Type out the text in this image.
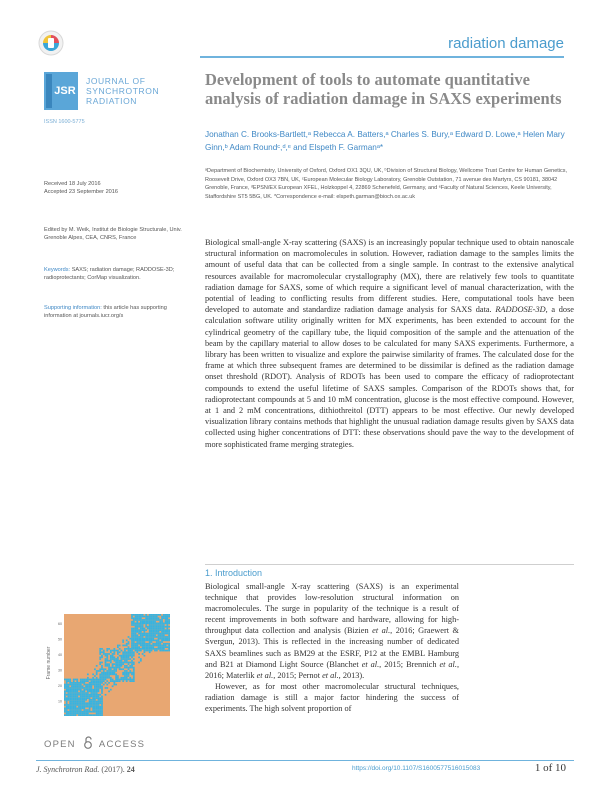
radiation damage
JSR
JOURNAL OF
SYNCHROTRON
RADIATION
ISSN 1600-5775
Development of tools to automate quantitative analysis of radiation damage in SAXS experiments
Jonathan C. Brooks-Bartlett,ᵃ Rebecca A. Batters,ᵃ Charles S. Bury,ᵃ Edward D. Lowe,ᵃ Helen Mary Ginn,ᵇ Adam Roundᶜ,ᵈ,ᵉ and Elspeth F. Garmanᵃ*
ᵃDepartment of Biochemistry, University of Oxford, Oxford OX1 3QU, UK, ᵇDivision of Structural Biology, Wellcome Trust Centre for Human Genetics, Roosevelt Drive, Oxford OX3 7BN, UK, ᶜEuropean Molecular Biology Laboratory, Grenoble Outstation, 71 avenue des Martyrs, CS 90181, 38042 Grenoble, France, ᵈEPSN/EX European XFEL, Holzkoppel 4, 22869 Schenefeld, Germany, and ᵉFaculty of Natural Sciences, Keele University, Staffordshire ST5 5BG, UK. *Correspondence e-mail: elspeth.garman@bioch.ox.ac.uk
Received 18 July 2016
Accepted 23 September 2016
Edited by M. Weik, Institut de Biologie Structurale, Univ. Grenoble Alpes, CEA, CNRS, France
Keywords: SAXS; radiation damage; RADDOSE-3D; radioprotectants; CorMap visualization.
Supporting information: this article has supporting information at journals.iucr.org/s
Biological small-angle X-ray scattering (SAXS) is an increasingly popular technique used to obtain nanoscale structural information on macromolecules in solution. However, radiation damage to the samples limits the amount of useful data that can be collected from a single sample. In contrast to the extensive analytical resources available for macromolecular crystallography (MX), there are relatively few tools to quantitate radiation damage for SAXS, some of which require a significant level of manual characterization, with the potential of leading to conflicting results from different studies. Here, computational tools have been developed to automate and standardize radiation damage analysis for SAXS data. RADDOSE-3D, a dose calculation software utility originally written for MX experiments, has been extended to account for the cylindrical geometry of the capillary tube, the liquid composition of the sample and the attenuation of the beam by the capillary material to allow doses to be calculated for many SAXS experiments. Furthermore, a library has been written to visualize and explore the pairwise similarity of frames. The calculated dose for the frame at which three subsequent frames are determined to be dissimilar is defined as the radiation damage onset threshold (RDOT). Analysis of RDOTs has been used to compare the efficacy of radioprotectant compounds to extend the useful lifetime of SAXS samples. Comparison of the RDOTs shows that, for radioprotectant compounds at 5 and 10 mM concentration, glucose is the most effective compound. However, at 1 and 2 mM concentrations, dithiothreitol (DTT) appears to be most effective. Our newly developed visualization library contains methods that highlight the unusual radiation damage results given by SAXS data collected using higher concentrations of DTT: these observations should pave the way to the development of more sophisticated frame merging strategies.
1. Introduction

Biological small-angle X-ray scattering (SAXS) is an experimental technique that provides low-resolution structural information on macromolecules. The surge in popularity of the technique is a result of recent improvements in both software and hardware, allowing for high-throughput data collection and analysis (Bizien et al., 2016; Graewert & Svergun, 2013). This is reflected in the increasing number of dedicated SAXS beamlines such as BM29 at the ESRF, P12 at the EMBL Hamburg and B21 at Diamond Light Source (Blanchet et al., 2015; Brennich et al., 2016; Materlik et al., 2015; Pernot et al., 2013).

However, as for most other macromolecular structural techniques, radiation damage is still a major factor hindering the success of experiments. The high solvent proportion of

Frame number
10
20
30
40
50
60
OPEN ACCESS
J. Synchrotron Rad. (2017). 24	https://doi.org/10.1107/S1600577516015083	1 of 10
